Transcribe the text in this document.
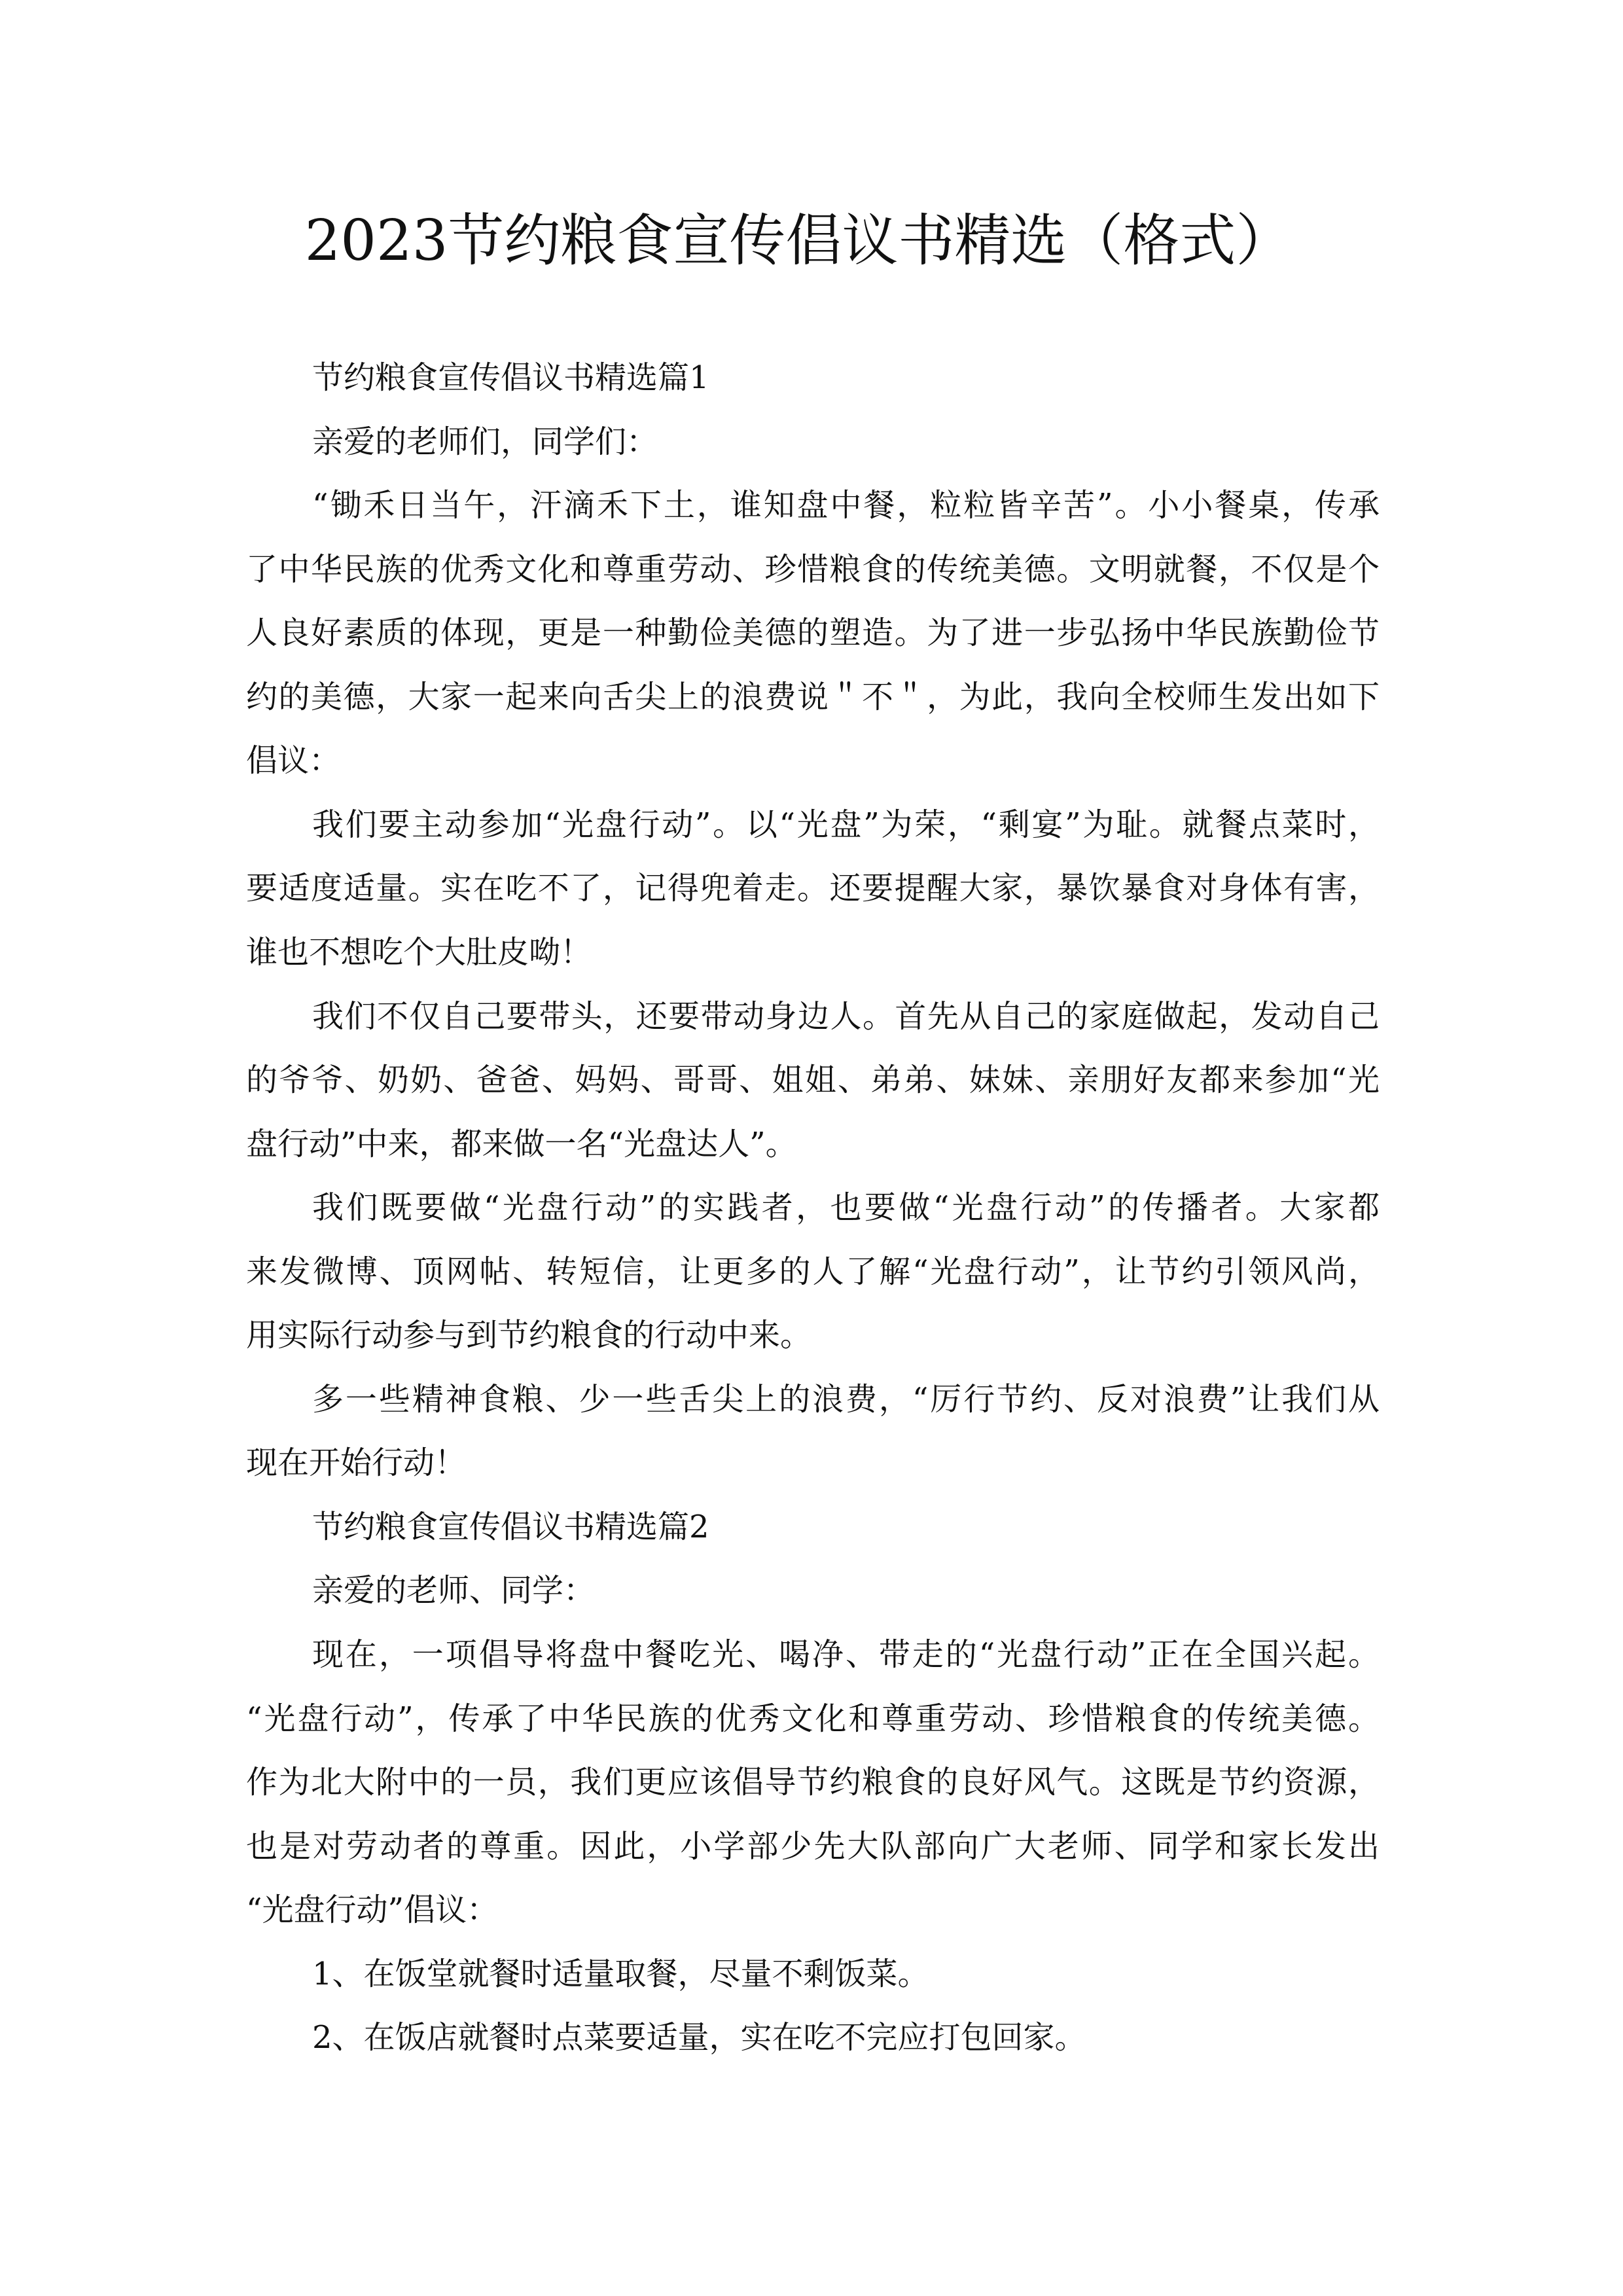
2023节约粮食宣传倡议书精选（格式）
节约粮食宣传倡议书精选篇1
亲爱的老师们，同学们：
“锄禾日当午，汗滴禾下土，谁知盘中餐，粒粒皆辛苦”。小小餐桌，传承
了中华民族的优秀文化和尊重劳动、珍惜粮食的传统美德。文明就餐，不仅是个
人良好素质的体现，更是一种勤俭美德的塑造。为了进一步弘扬中华民族勤俭节
约的美德，大家一起来向舌尖上的浪费说＂不＂，为此，我向全校师生发出如下
倡议：
我们要主动参加“光盘行动”。以“光盘”为荣，“剩宴”为耻。就餐点菜时，
要适度适量。实在吃不了，记得兜着走。还要提醒大家，暴饮暴食对身体有害，
谁也不想吃个大肚皮呦！
我们不仅自己要带头，还要带动身边人。首先从自己的家庭做起，发动自己
的爷爷、奶奶、爸爸、妈妈、哥哥、姐姐、弟弟、妹妹、亲朋好友都来参加“光
盘行动”中来，都来做一名“光盘达人”。
我们既要做“光盘行动”的实践者，也要做“光盘行动”的传播者。大家都
来发微博、顶网帖、转短信，让更多的人了解“光盘行动”，让节约引领风尚，
用实际行动参与到节约粮食的行动中来。
多一些精神食粮、少一些舌尖上的浪费，“厉行节约、反对浪费”让我们从
现在开始行动！
节约粮食宣传倡议书精选篇2
亲爱的老师、同学：
现在，一项倡导将盘中餐吃光、喝净、带走的“光盘行动”正在全国兴起。
“光盘行动”，传承了中华民族的优秀文化和尊重劳动、珍惜粮食的传统美德。
作为北大附中的一员，我们更应该倡导节约粮食的良好风气。这既是节约资源，
也是对劳动者的尊重。因此，小学部少先大队部向广大老师、同学和家长发出
“光盘行动”倡议：
1、在饭堂就餐时适量取餐，尽量不剩饭菜。
2、在饭店就餐时点菜要适量，实在吃不完应打包回家。
